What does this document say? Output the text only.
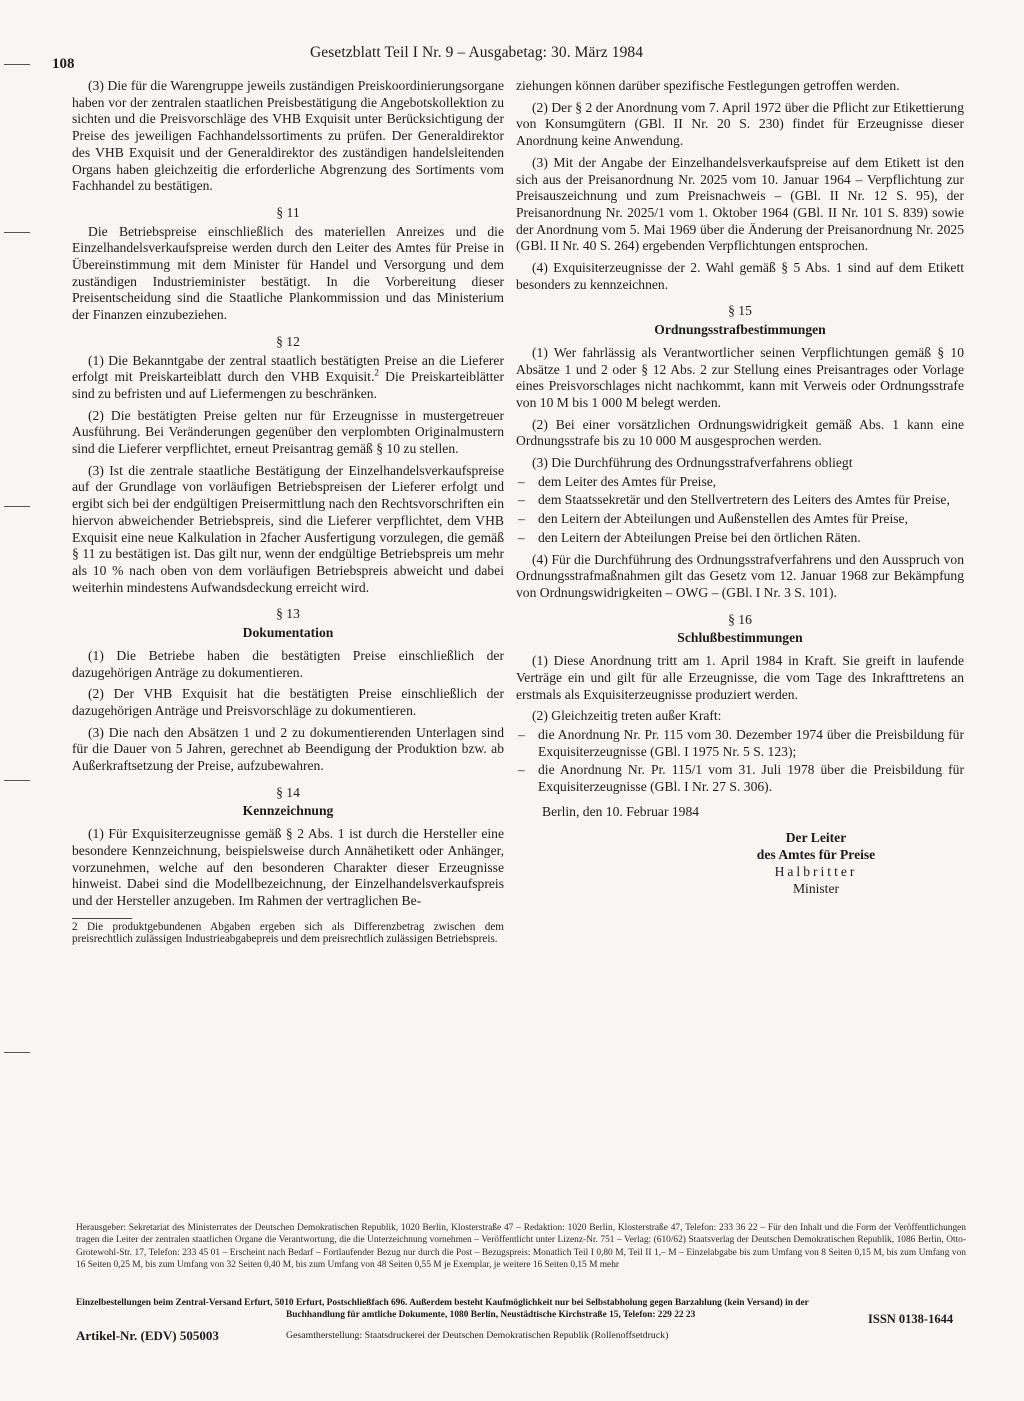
108
Gesetzblatt Teil I Nr. 9 – Ausgabetag: 30. März 1984

(3) Die für die Warengruppe jeweils zuständigen Preiskoordinierungsorgane haben vor der zentralen staatlichen Preisbestätigung die Angebotskollektion zu sichten und die Preisvorschläge des VHB Exquisit unter Berücksichtigung der Preise des jeweiligen Fachhandelssortiments zu prüfen. Der Generaldirektor des VHB Exquisit und der Generaldirektor des zuständigen handelsleitenden Organs haben gleichzeitig die erforderliche Abgrenzung des Sortiments vom Fachhandel zu bestätigen.

§ 11

Die Betriebspreise einschließlich des materiellen Anreizes und die Einzelhandelsverkaufspreise werden durch den Leiter des Amtes für Preise in Übereinstimmung mit dem Minister für Handel und Versorgung und dem zuständigen Industrieminister bestätigt. In die Vorbereitung dieser Preisentscheidung sind die Staatliche Plankommission und das Ministerium der Finanzen einzubeziehen.

§ 12

(1) Die Bekanntgabe der zentral staatlich bestätigten Preise an die Lieferer erfolgt mit Preiskarteiblatt durch den VHB Exquisit.$^2$ Die Preiskarteiblätter sind zu befristen und auf Liefermengen zu beschränken.

(2) Die bestätigten Preise gelten nur für Erzeugnisse in mustergetreuer Ausführung. Bei Veränderungen gegenüber den verplombten Originalmustern sind die Lieferer verpflichtet, erneut Preisantrag gemäß § 10 zu stellen.

(3) Ist die zentrale staatliche Bestätigung der Einzelhandelsverkaufspreise auf der Grundlage von vorläufigen Betriebspreisen der Lieferer erfolgt und ergibt sich bei der endgültigen Preisermittlung nach den Rechtsvorschriften ein hiervon abweichender Betriebspreis, sind die Lieferer verpflichtet, dem VHB Exquisit eine neue Kalkulation in 2facher Ausfertigung vorzulegen, die gemäß § 11 zu bestätigen ist. Das gilt nur, wenn der endgültige Betriebspreis um mehr als 10 % nach oben von dem vorläufigen Betriebspreis abweicht und dabei weiterhin mindestens Aufwandsdeckung erreicht wird.

§ 13
Dokumentation

(1) Die Betriebe haben die bestätigten Preise einschließlich der dazugehörigen Anträge zu dokumentieren.

(2) Der VHB Exquisit hat die bestätigten Preise einschließlich der dazugehörigen Anträge und Preisvorschläge zu dokumentieren.

(3) Die nach den Absätzen 1 und 2 zu dokumentierenden Unterlagen sind für die Dauer von 5 Jahren, gerechnet ab Beendigung der Produktion bzw. ab Außerkraftsetzung der Preise, aufzubewahren.

§ 14
Kennzeichnung

(1) Für Exquisiterzeugnisse gemäß § 2 Abs. 1 ist durch die Hersteller eine besondere Kennzeichnung, beispielsweise durch Annähetikett oder Anhänger, vorzunehmen, welche auf den besonderen Charakter dieser Erzeugnisse hinweist. Dabei sind die Modellbezeichnung, der Einzelhandelsverkaufspreis und der Hersteller anzugeben. Im Rahmen der vertraglichen Be-

2 Die produktgebundenen Abgaben ergeben sich als Differenzbetrag zwischen dem preisrechtlich zulässigen Industrieabgabepreis und dem preisrechtlich zulässigen Betriebspreis.

ziehungen können darüber spezifische Festlegungen getroffen werden.

(2) Der § 2 der Anordnung vom 7. April 1972 über die Pflicht zur Etikettierung von Konsumgütern (GBl. II Nr. 20 S. 230) findet für Erzeugnisse dieser Anordnung keine Anwendung.

(3) Mit der Angabe der Einzelhandelsverkaufspreise auf dem Etikett ist den sich aus der Preisanordnung Nr. 2025 vom 10. Januar 1964 – Verpflichtung zur Preisauszeichnung und zum Preisnachweis – (GBl. II Nr. 12 S. 95), der Preisanordnung Nr. 2025/1 vom 1. Oktober 1964 (GBl. II Nr. 101 S. 839) sowie der Anordnung vom 5. Mai 1969 über die Änderung der Preisanordnung Nr. 2025 (GBl. II Nr. 40 S. 264) ergebenden Verpflichtungen entsprochen.

(4) Exquisiterzeugnisse der 2. Wahl gemäß § 5 Abs. 1 sind auf dem Etikett besonders zu kennzeichnen.

§ 15
Ordnungsstrafbestimmungen

(1) Wer fahrlässig als Verantwortlicher seinen Verpflichtungen gemäß § 10 Absätze 1 und 2 oder § 12 Abs. 2 zur Stellung eines Preisantrages oder Vorlage eines Preisvorschlages nicht nachkommt, kann mit Verweis oder Ordnungsstrafe von 10 M bis 1 000 M belegt werden.

(2) Bei einer vorsätzlichen Ordnungswidrigkeit gemäß Abs. 1 kann eine Ordnungsstrafe bis zu 10 000 M ausgesprochen werden.

(3) Die Durchführung des Ordnungsstrafverfahrens obliegt

– dem Leiter des Amtes für Preise,
– dem Staatssekretär und den Stellvertretern des Leiters des Amtes für Preise,
– den Leitern der Abteilungen und Außenstellen des Amtes für Preise,
– den Leitern der Abteilungen Preise bei den örtlichen Räten.

(4) Für die Durchführung des Ordnungsstrafverfahrens und den Ausspruch von Ordnungsstrafmaßnahmen gilt das Gesetz vom 12. Januar 1968 zur Bekämpfung von Ordnungswidrigkeiten – OWG – (GBl. I Nr. 3 S. 101).

§ 16
Schlußbestimmungen

(1) Diese Anordnung tritt am 1. April 1984 in Kraft. Sie greift in laufende Verträge ein und gilt für alle Erzeugnisse, die vom Tage des Inkrafttretens an erstmals als Exquisiterzeugnisse produziert werden.

(2) Gleichzeitig treten außer Kraft:

– die Anordnung Nr. Pr. 115 vom 30. Dezember 1974 über die Preisbildung für Exquisiterzeugnisse (GBl. I 1975 Nr. 5 S. 123);
– die Anordnung Nr. Pr. 115/1 vom 31. Juli 1978 über die Preisbildung für Exquisiterzeugnisse (GBl. I Nr. 27 S. 306).
Berlin, den 10. Februar 1984
Der Leiter
des Amtes für Preise
Halbritter
Minister

Herausgeber: Sekretariat des Ministerrates der Deutschen Demokratischen Republik, 1020 Berlin, Klosterstraße 47 – Redaktion: 1020 Berlin, Klosterstraße 47, Telefon: 233 36 22 – Für den Inhalt und die Form der Veröffentlichungen tragen die Leiter der zentralen staatlichen Organe die Verantwortung, die die Unterzeichnung vornehmen – Veröffentlicht unter Lizenz-Nr. 751 – Verlag: (610/62) Staatsverlag der Deutschen Demokratischen Republik, 1086 Berlin, Otto-Grotewohl-Str. 17, Telefon: 233 45 01 – Erscheint nach Bedarf – Fortlaufender Bezug nur durch die Post – Bezugspreis: Monatlich Teil I 0,80 M, Teil II 1,– M – Einzelabgabe bis zum Umfang von 8 Seiten 0,15 M, bis zum Umfang von 16 Seiten 0,25 M, bis zum Umfang von 32 Seiten 0,40 M, bis zum Umfang von 48 Seiten 0,55 M je Exemplar, je weitere 16 Seiten 0,15 M mehr

Einzelbestellungen beim Zentral-Versand Erfurt, 5010 Erfurt, Postschließfach 696. Außerdem besteht Kaufmöglichkeit nur bei Selbstabholung gegen Barzahlung (kein Versand) in der
Buchhandlung für amtliche Dokumente, 1080 Berlin, Neustädtische Kirchstraße 15, Telefon: 229 22 23	ISSN 0138-1644
Artikel-Nr. (EDV) 505003	Gesamtherstellung: Staatsdruckerei der Deutschen Demokratischen Republik (Rollenoffsetdruck)
